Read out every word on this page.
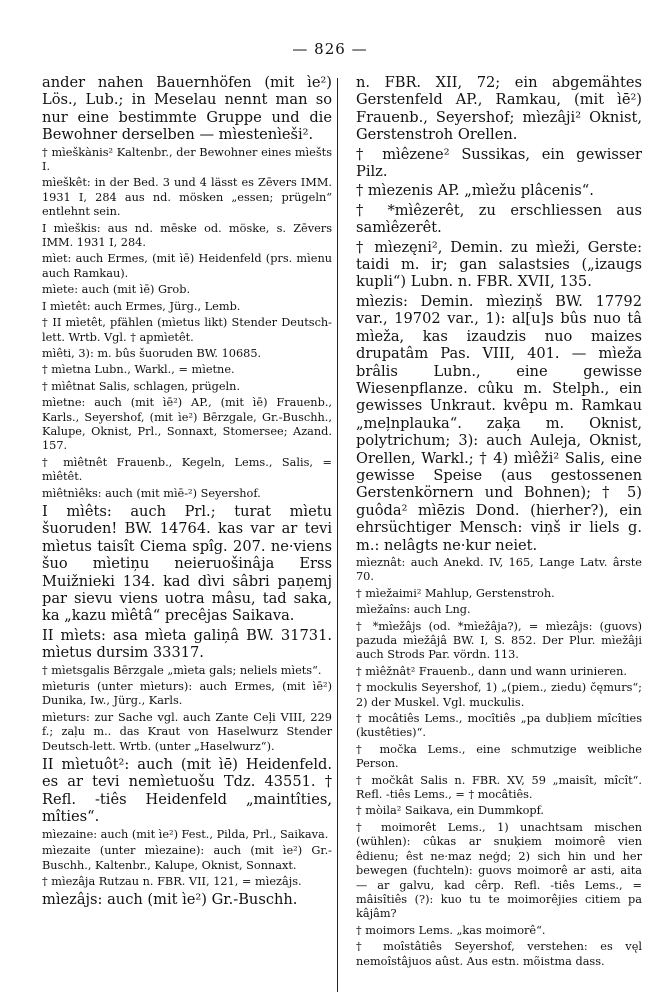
— 826 —

ander nahen Bauernhöfen (mit ìe²) Lös., Lub.; in Meselau nennt man so nur eine bestimmte Gruppe und die Bewohner derselben — mìestenìeši².

† mìeškànis² Kaltenbr., der Bewohner eines mìešts I.

mìeškêt: in der Bed. 3 und 4 lässt es Zēvers IMM. 1931 I, 284 aus nd. mösken „essen; prügeln“ entlehnt sein.

I mìeškis: aus nd. mēske od. möske, s. Zēvers IMM. 1931 I, 284.

mìet: auch Ermes, (mit ìē) Heidenfeld (prs. mìenu auch Ramkau).

mìete: auch (mit ìē) Grob.

I mìetêt: auch Ermes, Jürg., Lemb.

† II mìetêt, pfählen (mìetus likt) Stender Deutsch-lett. Wrtb. Vgl. † apmìetêt.

mìêti, 3): m. bûs šuoruden BW. 10685.

† mìetna Lubn., Warkl., = mìetne.

† mìêtnat Salis, schlagen, prügeln.

mìetne: auch (mit ìē²) AP., (mit ìē) Frauenb., Karls., Seyershof, (mit ìe²) Bērzgale, Gr.-Buschh., Kalupe, Oknist, Prl., Sonnaxt, Stomersee; Azand. 157.

† mìêtnêt Frauenb., Kegeln, Lems., Salis, = mìêtêt.

mìêtnìêks: auch (mit mìē-²) Seyershof.

I mìêts: auch Prl.; turat mìetu šuoruden! BW. 14764. kas var ar tevi mìetus taisît Ciema spîg. 207. ne·viens šuo mìetiņu neieruošinâja Erss Muižnieki 134. kad dìvi sâbri paņemj par sievu viens uotra mâsu, tad saka, ka „kazu mìêtâ“ precêjas Saikava.

II mìets: asa mìeta galiņâ BW. 31731. mìetus dursim 33317.

† mìetsgalis Bērzgale „mìeta gals; neliels mìets“.

mìeturis (unter mìeturs): auch Ermes, (mit ìē²) Dunika, Iw., Jürg., Karls.

mìeturs: zur Sache vgl. auch Zante Ceļi VIII, 229 f.; zaļu m.. das Kraut von Haselwurz Stender Deutsch-lett. Wrtb. (unter „Haselwurz“).

II mìetuôt²: auch (mit ìē) Heidenfeld. es ar tevi nemìetuošu Tdz. 43551. † Refl. -tiês Heidenfeld „maintîties, mîties“.

mìezaine: auch (mit ìe²) Fest., Pilda, Prl., Saikava.

mìezaite (unter mìezaine): auch (mit ìe²) Gr.-Buschh., Kaltenbr., Kalupe, Oknist, Sonnaxt.

† mìezâja Rutzau n. FBR. VII, 121, = mìezâjs.

mìezâjs: auch (mit ìe²) Gr.-Buschh.

n. FBR. XII, 72; ein abgemähtes Gerstenfeld AP., Ramkau, (mit ìē²) Frauenb., Seyershof; mìezâji² Oknist, Gerstenstroh Orellen.

† mìêzene² Sussikas, ein gewisser Pilz.

† mìezenis AP. „mìežu plâcenis“.

† *mìêzerêt, zu erschliessen aus samìêzerêt.

† mìezęni², Demin. zu mìeži, Gerste: taidi m. ir; gan salastsies („izaugs kupli“) Lubn. n. FBR. XVII, 135.

mìezis: Demin. mìeziņš BW. 17792 var., 19702 var., 1): al[u]s bûs nuo tâ mìeža, kas izaudzis nuo maizes drupatâm Pas. VIII, 401. — mìeža brâlis Lubn., eine gewisse Wiesenpflanze. cûku m. Stelph., ein gewisses Unkraut. kvêpu m. Ramkau „meļnplauka“. zaķa m. Oknist, polytrichum; 3): auch Auleja, Oknist, Orellen, Warkl.; † 4) mìêži² Salis, eine gewisse Speise (aus gestossenen Gerstenkörnern und Bohnen); † 5) guôda² mìēzis Dond. (hierher?), ein ehrsüchtiger Mensch: viņš ir liels g. m.: nelâgts ne·kur neiet.

mìeznât: auch Anekd. IV, 165, Lange Latv. ârste 70.

† mìežaimi² Mahlup, Gerstenstroh.

mìežaîns: auch Lng.

† *mìežâjs (od. *mìežâja?), = mìezâjs: (guovs) pazuda mìežâjâ BW. I, S. 852. Der Plur. mìežâji auch Strods Par. vördn. 113.

† mìêžnât² Frauenb., dann und wann urinieren.

† mockulis Seyershof, 1) „(piem., ziedu) čęmurs“; 2) der Muskel. Vgl. muckulis.

† mocâtiês Lems., mocîtiês „pa dubļiem mîcîties (kustêties)“.

† močka Lems., eine schmutzige weibliche Person.

† močkât Salis n. FBR. XV, 59 „maisît, mîcît“. Refl. -tiês Lems., = † mocâtiês.

† mòila² Saikava, ein Dummkopf.

† moimorêt Lems., 1) unachtsam mischen (wühlen): cûkas ar snuķiem moimorê vien êdienu; êst ne·maz neģd; 2) sich hin und her bewegen (fuchteln): guovs moimorê ar asti, aita — ar galvu, kad cêrp. Refl. -tiês Lems., = mâisîtiês (?): kuo tu te moimorêjies citiem pa kâjâm?

† moimors Lems. „kas moimorê“.

† moîstâtiês Seyershof, verstehen: es vęl nemoîstâjuos aûst. Aus estn. mõistma dass.
